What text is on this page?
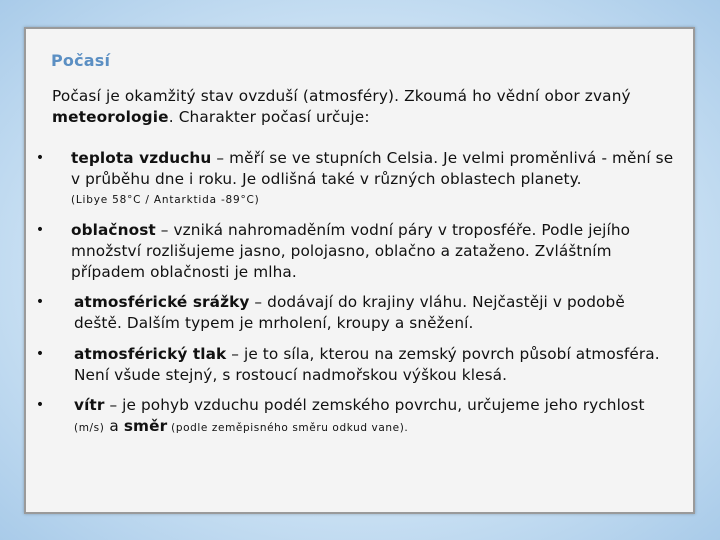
Počasí
Počasí je okamžitý stav ovzduší (atmosféry). Zkoumá ho vědní obor zvaný meteorologie. Charakter počasí určuje:
• teplota vzduchu – měří se ve stupních Celsia. Je velmi proměnlivá - mění se v průběhu dne i roku. Je odlišná také v různých oblastech planety.
(Libye 58°C / Antarktida -89°C)
• oblačnost – vzniká nahromaděním vodní páry v troposféře. Podle jejího množství rozlišujeme jasno, polojasno, oblačno a zataženo. Zvláštním případem oblačnosti je mlha.
• atmosférické srážky – dodávají do krajiny vláhu. Nejčastěji v podobě deště. Dalším typem je mrholení, kroupy a sněžení.
• atmosférický tlak – je to síla, kterou na zemský povrch působí atmosféra. Není všude stejný, s rostoucí nadmořskou výškou klesá.
• vítr – je pohyb vzduchu podél zemského povrchu, určujeme jeho rychlost (m/s) a směr (podle zeměpisného směru odkud vane).
